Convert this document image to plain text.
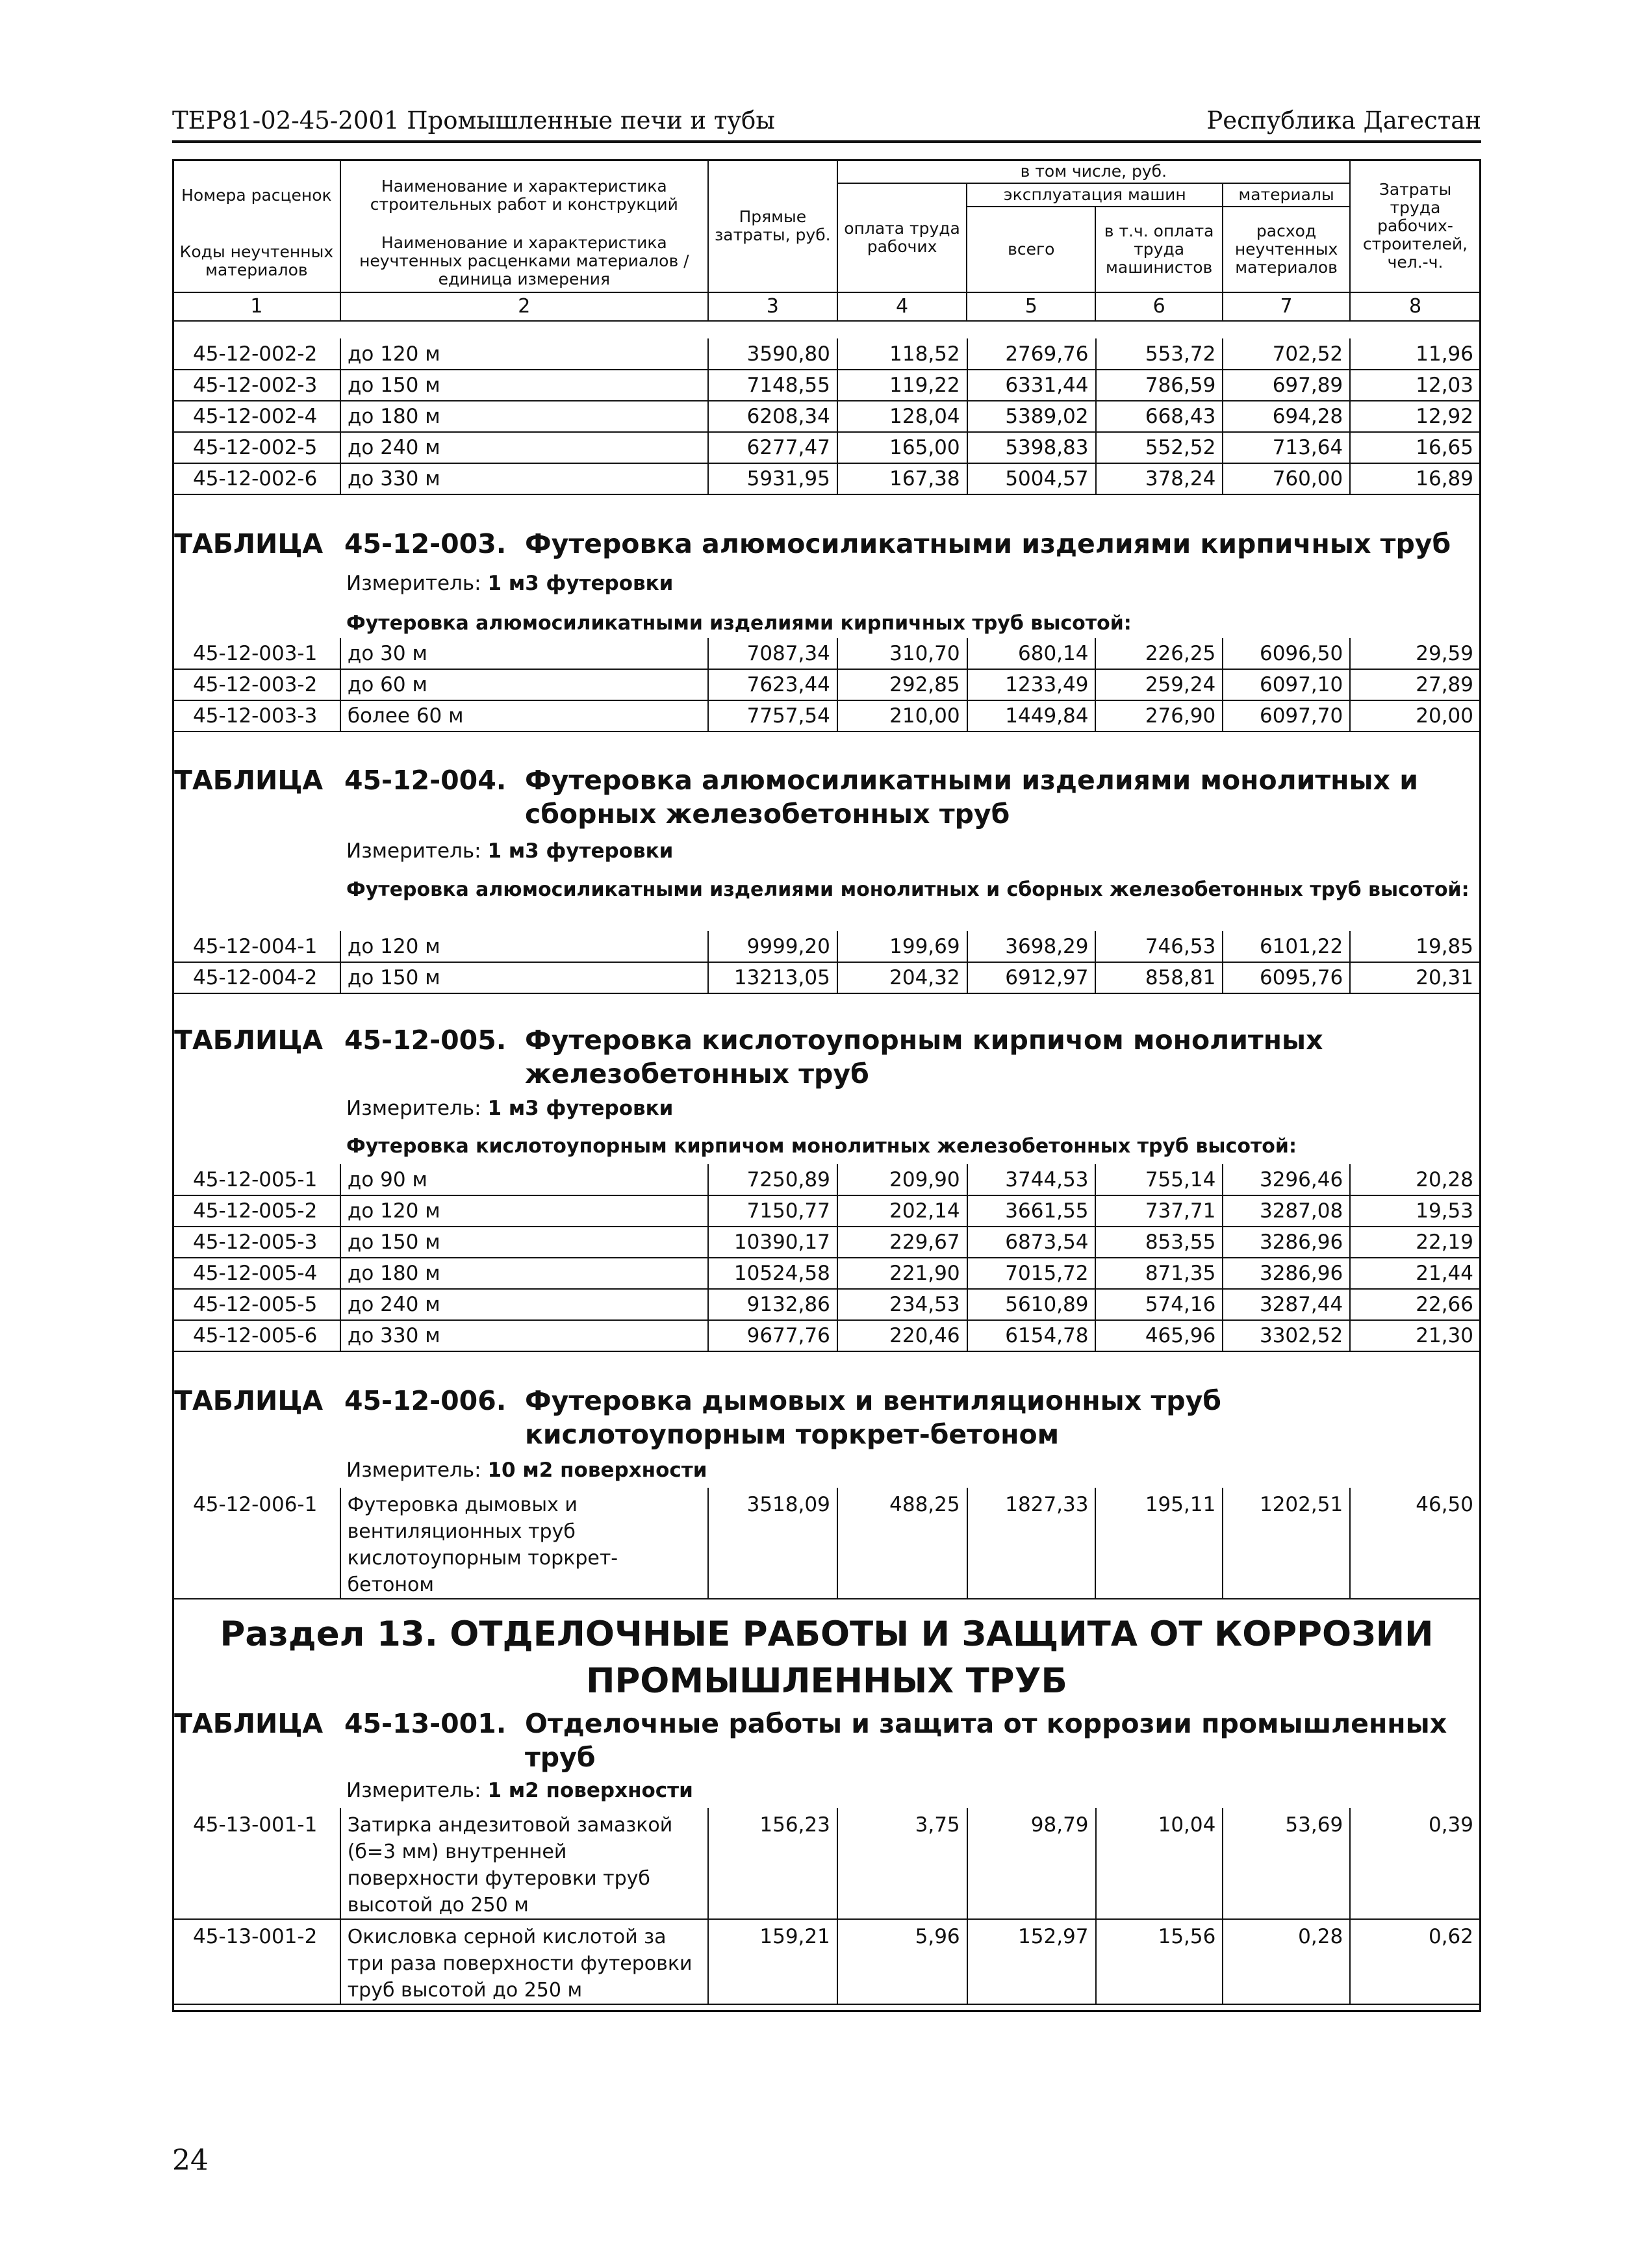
ТЕР81-02-45-2001 Промышленные печи и тубы	Республика Дагестан
Номера расценок	Наименование и характеристика строительных работ и конструкций	Прямые затраты, руб.	в том числе, руб.				Затраты труда рабочих-строителей, чел.-ч.
			оплата труда рабочих	эксплуатация машин		материалы	
				всего	в т.ч. оплата труда машинистов	расход неучтенных материалов	
Коды неучтенных материалов	Наименование и характеристика неучтенных расценками материалов / единица измерения						

1	2	3	4	5	6	7	8
45-12-002-2	до 120 м	3590,80	118,52	2769,76	553,72	702,52	11,96
45-12-002-3	до 150 м	7148,55	119,22	6331,44	786,59	697,89	12,03
45-12-002-4	до 180 м	6208,34	128,04	5389,02	668,43	694,28	12,92
45-12-002-5	до 240 м	6277,47	165,00	5398,83	552,52	713,64	16,65
45-12-002-6	до 330 м	5931,95	167,38	5004,57	378,24	760,00	16,89
ТАБЛИЦА 45-12-003. Футеровка алюмосиликатными изделиями кирпичных труб
Измеритель: 1 м3 футеровки
Футеровка алюмосиликатными изделиями кирпичных труб высотой:
45-12-003-1	до 30 м	7087,34	310,70	680,14	226,25	6096,50	29,59
45-12-003-2	до 60 м	7623,44	292,85	1233,49	259,24	6097,10	27,89
45-12-003-3	более 60 м	7757,54	210,00	1449,84	276,90	6097,70	20,00
ТАБЛИЦА 45-12-004. Футеровка алюмосиликатными изделиями монолитных и сборных железобетонных труб
Измеритель: 1 м3 футеровки
Футеровка алюмосиликатными изделиями монолитных и сборных железобетонных труб высотой:
45-12-004-1	до 120 м	9999,20	199,69	3698,29	746,53	6101,22	19,85
45-12-004-2	до 150 м	13213,05	204,32	6912,97	858,81	6095,76	20,31
ТАБЛИЦА 45-12-005. Футеровка кислотоупорным кирпичом монолитных железобетонных труб
Измеритель: 1 м3 футеровки
Футеровка кислотоупорным кирпичом монолитных железобетонных труб высотой:
45-12-005-1	до 90 м	7250,89	209,90	3744,53	755,14	3296,46	20,28
45-12-005-2	до 120 м	7150,77	202,14	3661,55	737,71	3287,08	19,53
45-12-005-3	до 150 м	10390,17	229,67	6873,54	853,55	3286,96	22,19
45-12-005-4	до 180 м	10524,58	221,90	7015,72	871,35	3286,96	21,44
45-12-005-5	до 240 м	9132,86	234,53	5610,89	574,16	3287,44	22,66
45-12-005-6	до 330 м	9677,76	220,46	6154,78	465,96	3302,52	21,30
ТАБЛИЦА 45-12-006. Футеровка дымовых и вентиляционных труб кислотоупорным торкрет-бетоном
Измеритель: 10 м2 поверхности
45-12-006-1	Футеровка дымовых и вентиляционных труб кислотоупорным торкрет-бетоном	3518,09	488,25	1827,33	195,11	1202,51	46,50
Раздел 13. ОТДЕЛОЧНЫЕ РАБОТЫ И ЗАЩИТА ОТ КОРРОЗИИ
ПРОМЫШЛЕННЫХ ТРУБ
ТАБЛИЦА 45-13-001. Отделочные работы и защита от коррозии промышленных труб
Измеритель: 1 м2 поверхности
45-13-001-1	Затирка андезитовой замазкой (б=3 мм) внутренней поверхности футеровки труб высотой до 250 м	156,23	3,75	98,79	10,04	53,69	0,39
45-13-001-2	Окисловка серной кислотой за три раза поверхности футеровки труб высотой до 250 м	159,21	5,96	152,97	15,56	0,28	0,62
24
